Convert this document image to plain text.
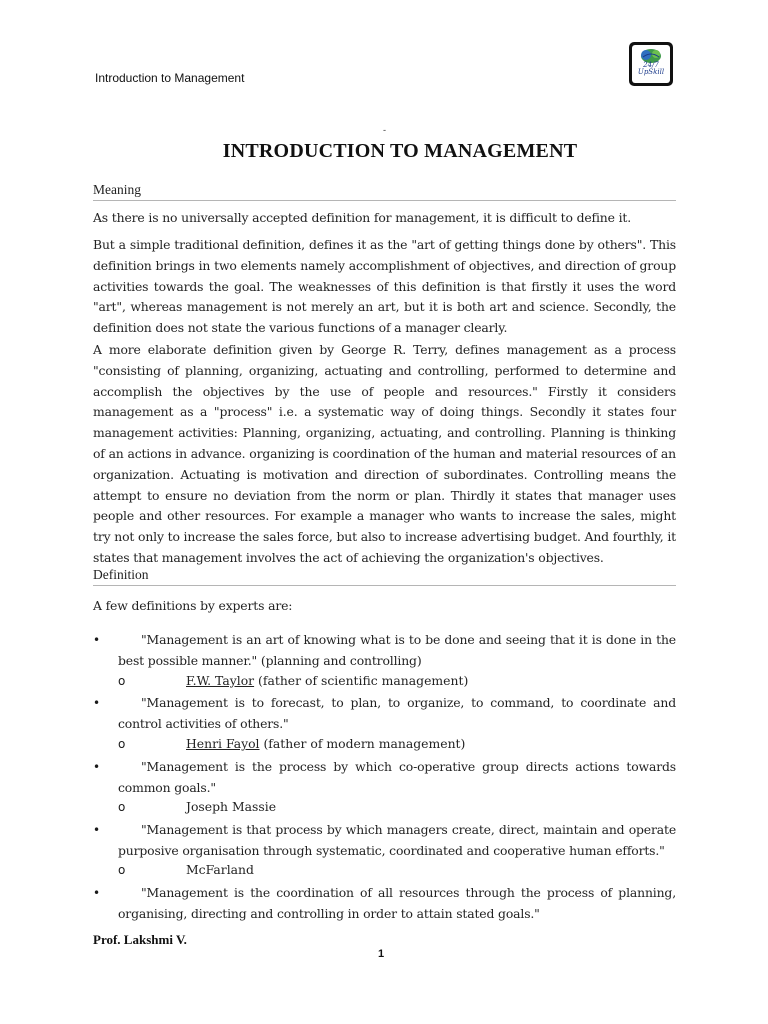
Introduction to Management
24/7
UpSkill
-
INTRODUCTION TO MANAGEMENT
Meaning

As there is no universally accepted definition for management, it is difficult to define it.

But a simple traditional definition, defines it as the "art of getting things done by others". This definition brings in two elements namely accomplishment of objectives, and direction of group activities towards the goal. The weaknesses of this definition is that firstly it uses the word "art", whereas management is not merely an art, but it is both art and science. Secondly, the definition does not state the various functions of a manager clearly.

A more elaborate definition given by George R. Terry, defines management as a process "consisting of planning, organizing, actuating and controlling, performed to determine and accomplish the objectives by the use of people and resources." Firstly it considers management as a "process" i.e. a systematic way of doing things. Secondly it states four management activities: Planning, organizing, actuating, and controlling. Planning is thinking of an actions in advance. organizing is coordination of the human and material resources of an organization. Actuating is motivation and direction of subordinates. Controlling means the attempt to ensure no deviation from the norm or plan. Thirdly it states that manager uses people and other resources. For example a manager who wants to increase the sales, might try not only to increase the sales force, but also to increase advertising budget. And fourthly, it states that management involves the act of achieving the organization's objectives.

Definition

A few definitions by experts are:

•	"Management is an art of knowing what is to be done and seeing that it is done in the best possible manner." (planning and controlling)

o	F.W. Taylor (father of scientific management)
•	"Management is to forecast, to plan, to organize, to command, to coordinate and control activities of others."

o	Henri Fayol (father of modern management)
•	"Management is the process by which co-operative group directs actions towards common goals."

o	Joseph Massie
•	"Management is that process by which managers create, direct, maintain and operate purposive organisation through systematic, coordinated and cooperative human efforts."

o	McFarland
•	"Management is the coordination of all resources through the process of planning, organising, directing and controlling in order to attain stated goals."

Prof. Lakshmi V.
1
